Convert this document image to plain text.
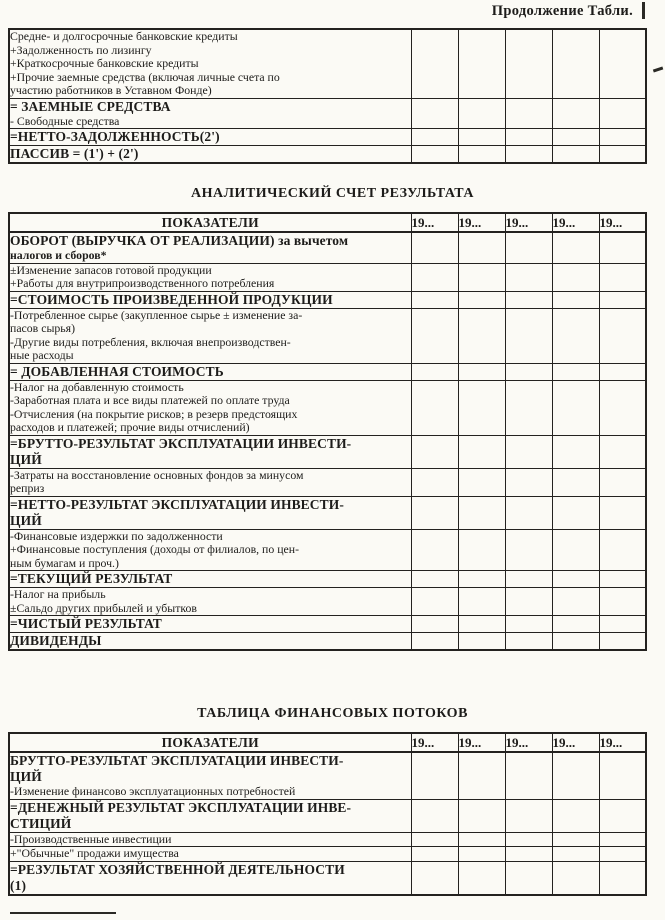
Продолжение Табли.
Средне- и долгосрочные банковские кредиты
+Задолженность по лизингу
+Краткосрочные банковские кредиты
+Прочие заемные средства (включая личные счета по
участию работников в Уставном Фонде)					

= ЗАЕМНЫЕ СРЕДСТВА
- Свободные средства					

=НЕТТО-ЗАДОЛЖЕННОСТЬ(2')					

ПАССИВ = (1') + (2')					

АНАЛИТИЧЕСКИЙ СЧЕТ РЕЗУЛЬТАТА
ПОКАЗАТЕЛИ	19...	19...	19...	19...	19...

ОБОРОТ (ВЫРУЧКА ОТ РЕАЛИЗАЦИИ) за вычетом
налогов и сборов*					

±Изменение запасов готовой продукции
+Работы для внутрипроизводственного потребления					

=СТОИМОСТЬ ПРОИЗВЕДЕННОЙ ПРОДУКЦИИ					

-Потребленное сырье (закупленное сырье ± изменение за-
пасов сырья)
-Другие виды потребления, включая внепроизводствен-
ные расходы					

= ДОБАВЛЕННАЯ СТОИМОСТЬ					

-Налог на добавленную стоимость
-Заработная плата и все виды платежей по оплате труда
-Отчисления (на покрытие рисков; в резерв предстоящих
расходов и платежей; прочие виды отчислений)					

=БРУТТО-РЕЗУЛЬТАТ ЭКСПЛУАТАЦИИ ИНВЕСТИ-
ЦИЙ					

-Затраты на восстановление основных фондов за минусом
реприз					

=НЕТТО-РЕЗУЛЬТАТ ЭКСПЛУАТАЦИИ ИНВЕСТИ-
ЦИЙ					

-Финансовые издержки по задолженности
+Финансовые поступления (доходы от филиалов, по цен-
ным бумагам и проч.)					

=ТЕКУЩИЙ РЕЗУЛЬТАТ					

-Налог на прибыль
±Сальдо других прибылей и убытков					

=ЧИСТЫЙ РЕЗУЛЬТАТ					

ДИВИДЕНДЫ					

ТАБЛИЦА ФИНАНСОВЫХ ПОТОКОВ
ПОКАЗАТЕЛИ	19...	19...	19...	19...	19...

БРУТТО-РЕЗУЛЬТАТ ЭКСПЛУАТАЦИИ ИНВЕСТИ-
ЦИЙ
-Изменение финансово эксплуатационных потребностей					

=ДЕНЕЖНЫЙ РЕЗУЛЬТАТ ЭКСПЛУАТАЦИИ ИНВЕ-
СТИЦИЙ					

-Производственные инвестиции					

+"Обычные" продажи имущества					

=РЕЗУЛЬТАТ ХОЗЯЙСТВЕННОЙ ДЕЯТЕЛЬНОСТИ
(1)					
